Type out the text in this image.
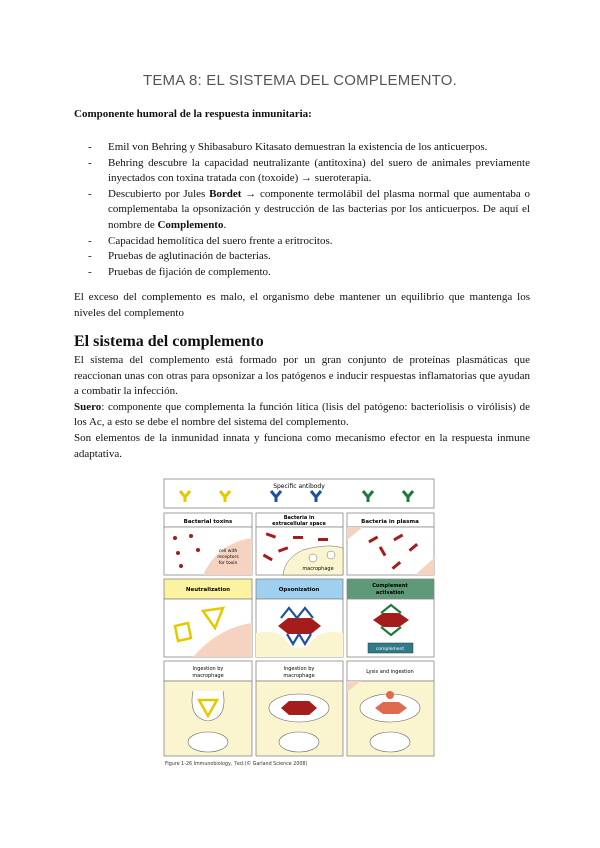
TEMA 8: EL SISTEMA DEL COMPLEMENTO.
Componente humoral de la respuesta inmunitaria:
- Emil von Behring y Shibasaburo Kitasato demuestran la existencia de los anticuerpos.
- Behring descubre la capacidad neutralizante (antitoxina) del suero de animales previamente inyectados con toxina tratada con (toxoide) → sueroterapia.
- Descubierto por Jules Bordet → componente termolábil del plasma normal que aumentaba o complementaba la opsonización y destrucción de las bacterias por los anticuerpos. De aquí el nombre de Complemento.
- Capacidad hemolítica del suero frente a eritrocitos.
- Pruebas de aglutinación de bacterias.
- Pruebas de fijación de complemento.
El exceso del complemento es malo, el organismo debe mantener un equilibrio que mantenga los niveles del complemento
El sistema del complemento

El sistema del complemento está formado por un gran conjunto de proteínas plasmáticas que reaccionan unas con otras para opsonizar a los patógenos e inducir respuestas inflamatorias que ayudan a combatir la infección.

Suero: componente que complementa la función lítica (lisis del patógeno: bacteriolisis o virólisis) de los Ac, a esto se debe el nombre del sistema del complemento.

Son elementos de la inmunidad innata y funciona como mecanismo efector en la respuesta inmune adaptativa.

Specific antibody
Bacterial toxins
cell with
receptors
for toxin
Neutralization
Ingestion by
macrophage
Bacteria in
extracellular space
macrophage
Opsonization
Ingestion by
macrophage
Bacteria in plasma
Complement
activation
complement
Lysis and ingestion
Figure 1-26 Immunobiology, 7ed.(© Garland Science 2008)
